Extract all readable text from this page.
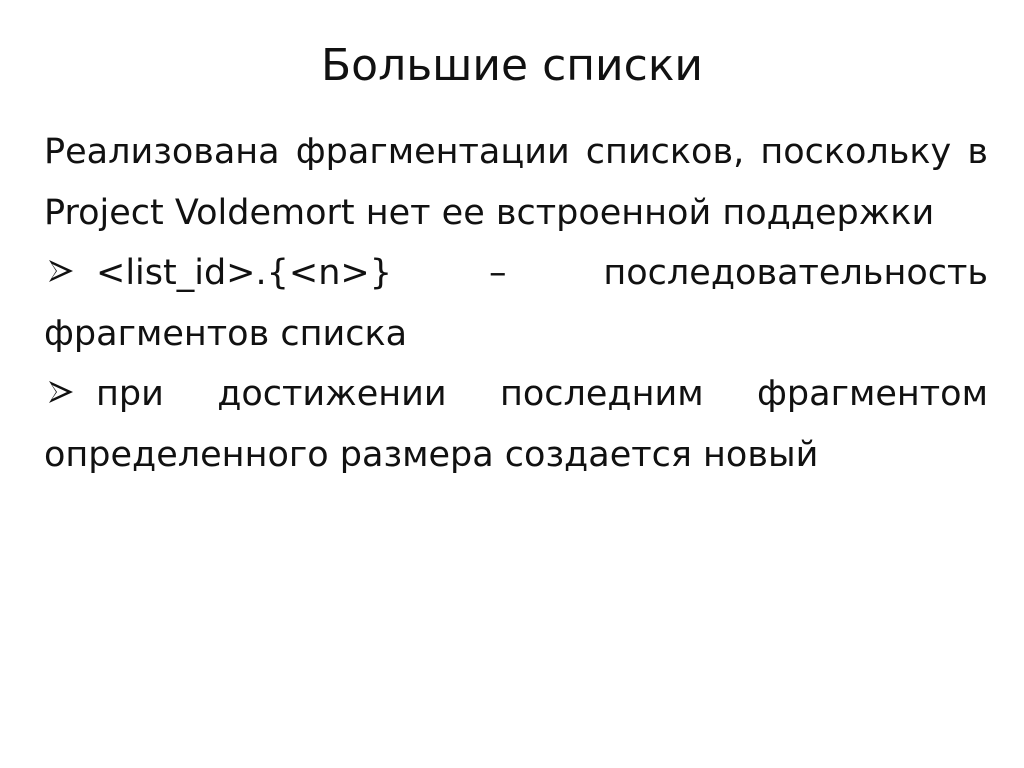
Большие списки

Реализована фрагментации списков, поскольку в Project Voldemort нет ее встроенной поддержки

<list_id>.{<n>} – последовательность фрагментов списка

при достижении последним фрагментом определенного размера создается новый
